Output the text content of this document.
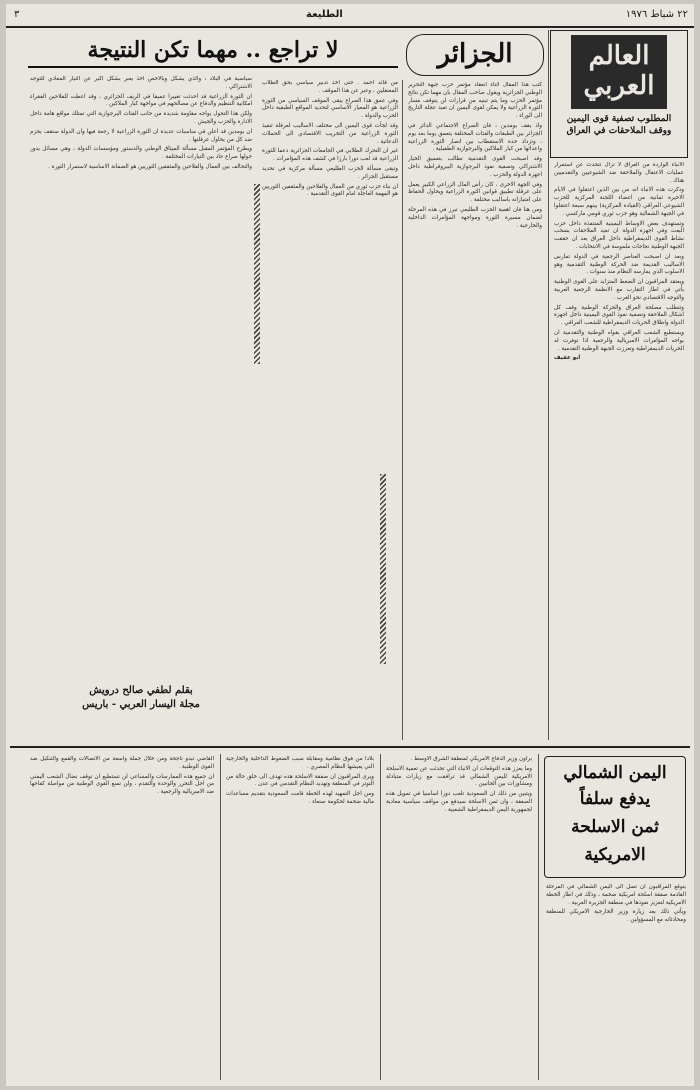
٢٢ شباط ١٩٧٦
الطليعة
٣
العالم
العربي
المطلوب تصفية قوى اليمين ووقف الملاحقات في العراق

الانباء الواردة من العراق لا تزال تتحدث عن استمرار عمليات الاعتقال والملاحقة ضد الشيوعيين والتقدميين هناك .

وذكرت هذه الانباء انه من بين الذين اعتقلوا في الايام الاخيرة ثمانية من اعضاء اللجنة المركزية للحزب الشيوعي العراقي (القيادة المركزية) بينهم سبعة اعتقلوا في الجبهة الشمالية وهو حزب ثوري قومي ماركسي .

وتستهدف بعض الاوساط اليمينية المتنفذة داخل حزب البعث وفي اجهزة الدولة ان تعيد الملاحقات بسحب نشاط القوى الديمقراطية داخل العراق بعد ان حققت الجبهة الوطنية نجاحات ملموسة في الانتخابات .

وبعد ان اصبحت العناصر الرجعية في الدولة تمارس الاساليب القديمة ضد الحركة الوطنية التقدمية وهو الاسلوب الذي يمارسه النظام منذ سنوات .

ويعتقد المراقبون ان الضغط المتزايد على القوى الوطنية يأتي في اطار التقارب مع الانظمة الرجعية العربية والتوجه الاقتصادي نحو الغرب .

وتتطلب مصلحة العراق والحركة الوطنية وقف كل اشكال الملاحقة وتصفية نفوذ القوى اليمينية داخل اجهزة الدولة واطلاق الحريات الديمقراطية للشعب العراقي .

ويستطيع الشعب العراقي بقواه الوطنية والتقدمية ان يواجه المؤامرات الامبريالية والرجعية اذا توفرت له الحريات الديمقراطية وتعززت الجبهة الوطنية التقدمية .

ابو عفيف

لا تراجع .. مهما تكن النتيجة	الجزائر

كتب هذا المقال اثناء انعقاد مؤتمر حزب جبهة التحرير الوطني الجزائرية ويقول صاحب المقال بان مهما تكن نتائج مؤتمر الحزب وما يتم تبنيه من قرارات لن يتوقف مسار الثورة الزراعية ولا يمكن لقوى اليمين ان تعيد عجلة التاريخ الى الوراء .

واذ يقف بومدين ، فان الصراع الاجتماعي الدائر في الجزائر بين الطبقات والفئات المختلفة يتعمق يوما بعد يوم ، وتزداد حدة الاستقطاب بين انصار الثورة الزراعية واعدائها من كبار الملاكين والبرجوازية الطفيلية .

وقد اصبحت القوى التقدمية تطالب بتعميق الخيار الاشتراكي وتصفية نفوذ البرجوازية البيروقراطية داخل اجهزة الدولة والحزب .

وفي الجهة الاخرى ، كان رأس المال الزراعي الكبير يعمل على عرقلة تطبيق قوانين الثورة الزراعية ويحاول الحفاظ على امتيازاته باساليب مختلفة .

ومن هنا فان اهمية الحزب الطليعي تبرز في هذه المرحلة لضمان مسيرة الثورة ومواجهة المؤامرات الداخلية والخارجية .

من قائد احمد . حتى اخذ تدبير سياسي بحق الطلاب المعتقلين ، وعبر عن هذا الموقف .

وفي عمق هذا الصراع يبقى الموقف السياسي من الثورة الزراعية هو المعيار الاساسي لتحديد المواقع الطبقية داخل الحزب والدولة .

وقد لجأت قوى اليمين الى مختلف الاساليب لعرقلة تنفيذ الثورة الزراعية من التخريب الاقتصادي الى الحملات الدعائية .

غير ان التحرك الطلابي في الجامعات الجزائرية دعما للثورة الزراعية قد لعب دورا بارزا في كشف هذه المؤامرات .

وتبقى مسألة الحزب الطليعي مسألة مركزية في تحديد مستقبل الجزائر .

ان بناء حزب ثوري من العمال والفلاحين والمثقفين الثوريين هو المهمة العاجلة امام القوى التقدمية .

سياسية في البلاد ، والذي يشكل وبالاخص اخذ يعبر بشكل اكبر عن التيار المعادي للتوجه الاشتراكي .

ان الثورة الزراعية قد احدثت تغييرا عميقا في الريف الجزائري ، وقد اعطت للفلاحين الفقراء امكانية التنظيم والدفاع عن مصالحهم في مواجهة كبار الملاكين .

ولكن هذا التحول يواجه مقاومة شديدة من جانب الفئات البرجوازية التي تمتلك مواقع هامة داخل الادارة والحزب والجيش .

ان بومدين قد اعلن في مناسبات عديدة ان الثورة الزراعية لا رجعة فيها وان الدولة ستقف بحزم ضد كل من يحاول عرقلتها .

ويطرح المؤتمر المقبل مسألة الميثاق الوطني والدستور ومؤسسات الدولة ، وهي مسائل يدور حولها صراع حاد بين التيارات المختلفة .

والتحالف بين العمال والفلاحين والمثقفين الثوريين هو الضمانة الاساسية لاستمرار الثورة .

بقلم لطفي صالح درويش
مجلة اليسار العربي - باريس
اليمن الشمالي
يدفع سلفاً
ثمن الاسلحة
الامريكية

يتوقع المراقبون ان تصل الى اليمن الشمالي في المرحلة القادمة صفقة اسلحة امريكية ضخمة ، وذلك في اطار الخطة الامريكية لتعزيز نفوذها في منطقة الجزيرة العربية .

ويأتي ذلك بعد زيارة وزير الخارجية الامريكي للمنطقة ومحادثاته مع المسؤولين .

براون وزير الدفاع الامريكي لمنطقة الشرق الاوسط .

وما يعزز هذه التوقعات ان الانباء التي تحدثت عن تعمية الاسلحة الامريكية لليمن الشمالي قد ترافقت مع زيارات متبادلة ومشاورات بين الجانبين .

ويتبين من ذلك ان السعودية تلعب دورا اساسيا في تمويل هذه الصفقة ، وان ثمن الاسلحة سيدفع من مواقف سياسية معادية لجمهورية اليمن الديمقراطية الشعبية .

بلادا من فوق نظامية ومقابلة سبب الضغوط الداخلية والخارجية التي يعيشها النظام المصري .

ويرى المراقبون ان صفقة الاسلحة هذه تهدف الى خلق حالة من التوتر في المنطقة وتهديد النظام التقدمي في عدن .

ومن اجل التمهيد لهذه الخطة قامت السعودية بتقديم مساعدات مالية ضخمة لحكومة صنعاء .

القاضي تبدو ناجحة ومن خلال جملة واسعة من الاتصالات والقمع والتنكيل ضد القوى الوطنية .

ان جميع هذه الممارسات والمساعي لن تستطيع ان توقف نضال الشعب اليمني من اجل التحرر والوحدة والتقدم ، ولن تمنع القوى الوطنية من مواصلة كفاحها ضد الامبريالية والرجعية .
